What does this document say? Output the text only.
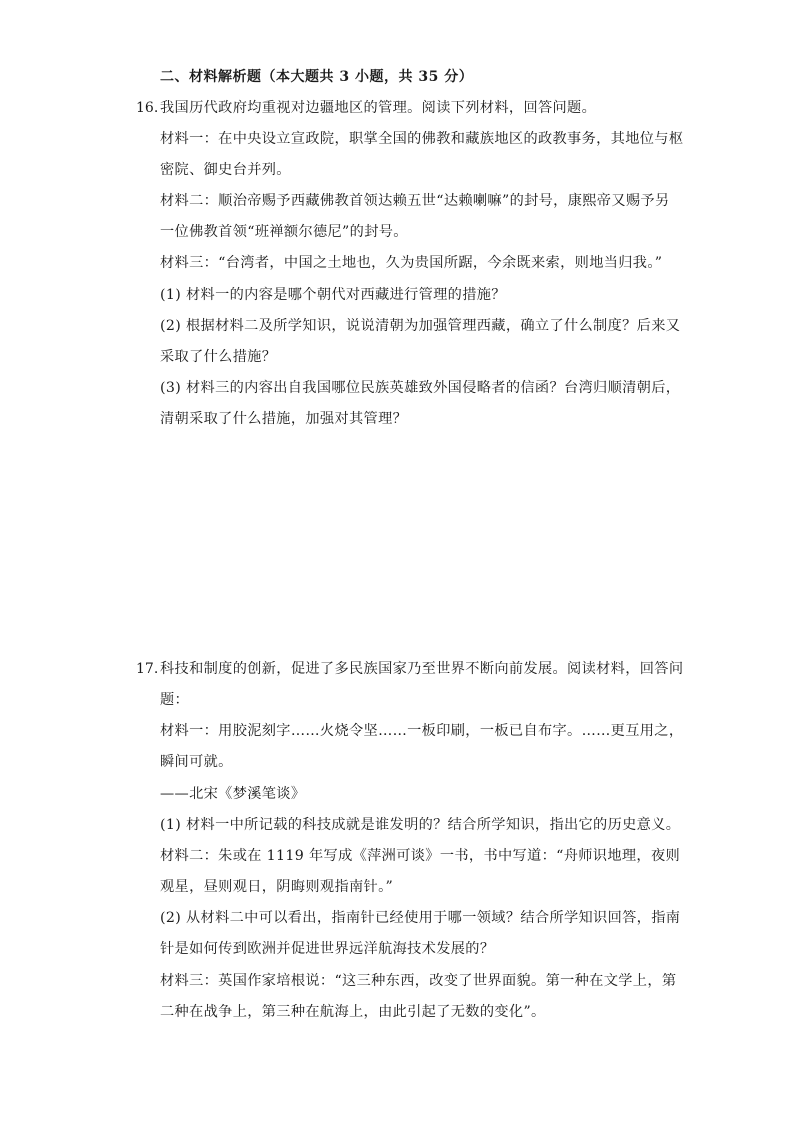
二、材料解析题（本大题共 3 小题，共 35 分）
16. 我国历代政府均重视对边疆地区的管理。阅读下列材料，回答问题。
材料一：在中央设立宣政院，职掌全国的佛教和藏族地区的政教事务，其地位与枢
密院、御史台并列。
材料二：顺治帝赐予西藏佛教首领达赖五世“达赖喇嘛”的封号，康熙帝又赐予另
一位佛教首领“班禅额尔德尼”的封号。
材料三：“台湾者，中国之土地也，久为贵国所踞，今余既来索，则地当归我。”
(1) 材料一的内容是哪个朝代对西藏进行管理的措施？
(2) 根据材料二及所学知识，说说清朝为加强管理西藏，确立了什么制度？后来又
采取了什么措施？
(3) 材料三的内容出自我国哪位民族英雄致外国侵略者的信函？台湾归顺清朝后，
清朝采取了什么措施，加强对其管理？
17. 科技和制度的创新，促进了多民族国家乃至世界不断向前发展。阅读材料，回答问
题：
材料一：用胶泥刻字……火烧令坚……一板印刷，一板已自布字。……更互用之，
瞬间可就。
——北宋《梦溪笔谈》
(1) 材料一中所记载的科技成就是谁发明的？结合所学知识，指出它的历史意义。
材料二：朱或在 1119 年写成《萍洲可谈》一书，书中写道：“舟师识地理，夜则
观星，昼则观日，阴晦则观指南针。”
(2) 从材料二中可以看出，指南针已经使用于哪一领域？结合所学知识回答，指南
针是如何传到欧洲并促进世界远洋航海技术发展的？
材料三：英国作家培根说：“这三种东西，改变了世界面貌。第一种在文学上，第
二种在战争上，第三种在航海上，由此引起了无数的变化”。
